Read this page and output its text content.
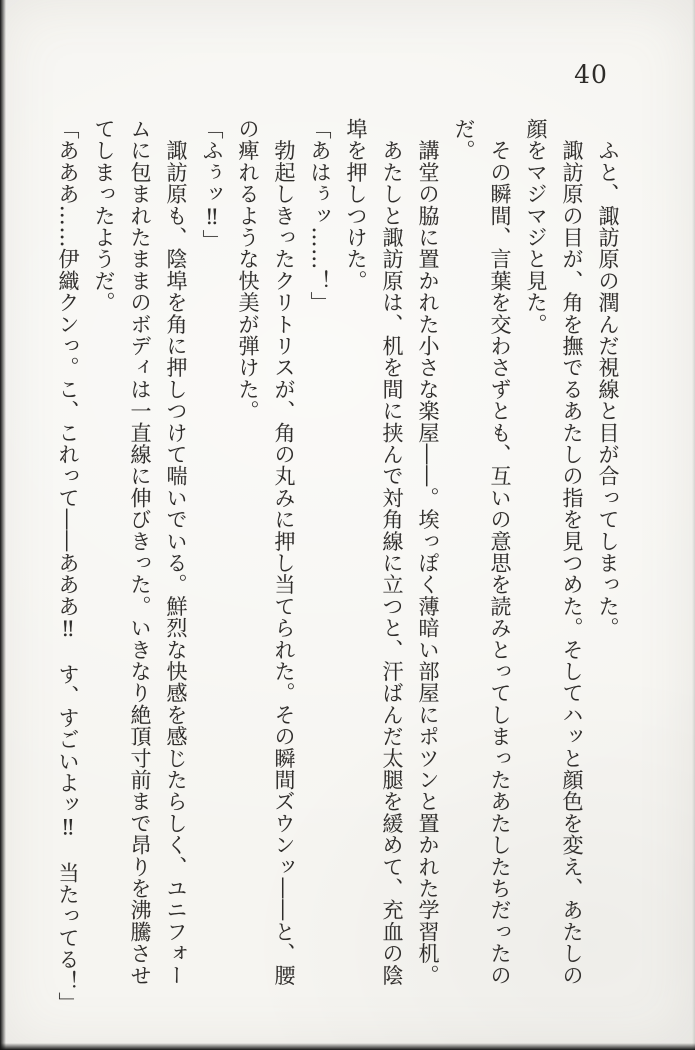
40
　ふと、諏訪原の潤んだ視線と目が合ってしまった。
　諏訪原の目が、角を撫でるあたしの指を見つめた。そしてハッと顔色を変え、あたしの
顔をマジマジと見た。
　その瞬間、言葉を交わさずとも、互いの意思を読みとってしまったあたしたちだったの
だ。
　講堂の脇に置かれた小さな楽屋――。埃っぽく薄暗い部屋にポツンと置かれた学習机。
　あたしと諏訪原は、机を間に挟んで対角線に立つと、汗ばんだ太腿を緩めて、充血の陰
埠を押しつけた。
「あはぅッ……！」
　勃起しきったクリトリスが、角の丸みに押し当てられた。その瞬間ズウンッ――と、腰
の痺れるような快美が弾けた。
「ふぅッ‼」
　諏訪原も、陰埠を角に押しつけて喘いでいる。鮮烈な快感を感じたらしく、ユニフォー
ムに包まれたままのボディは一直線に伸びきった。いきなり絶頂寸前まで昂りを沸騰させ
てしまったようだ。
「あああ……伊織クンっ。こ、これって――あああ‼　す、すごいよッ‼　当たってる！」
